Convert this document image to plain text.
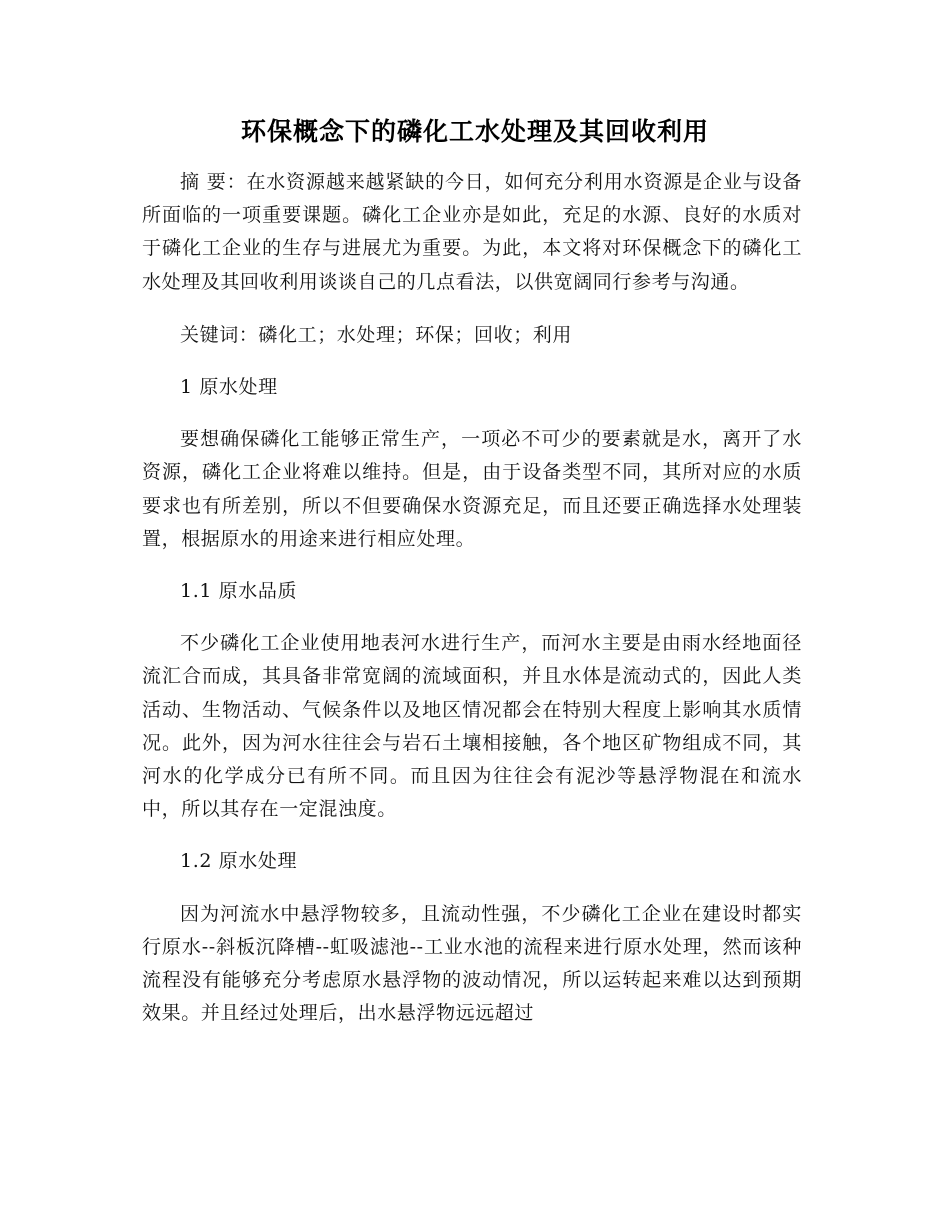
环保概念下的磷化工水处理及其回收利用

摘 要：在水资源越来越紧缺的今日，如何充分利用水资源是企业与设备所面临的一项重要课题。磷化工企业亦是如此，充足的水源、良好的水质对于磷化工企业的生存与进展尤为重要。为此，本文将对环保概念下的磷化工水处理及其回收利用谈谈自己的几点看法，以供宽阔同行参考与沟通。

关键词：磷化工；水处理；环保；回收；利用

1 原水处理

要想确保磷化工能够正常生产，一项必不可少的要素就是水，离开了水资源，磷化工企业将难以维持。但是，由于设备类型不同，其所对应的水质要求也有所差别，所以不但要确保水资源充足，而且还要正确选择水处理装置，根据原水的用途来进行相应处理。

1.1 原水品质

不少磷化工企业使用地表河水进行生产，而河水主要是由雨水经地面径流汇合而成，其具备非常宽阔的流域面积，并且水体是流动式的，因此人类活动、生物活动、气候条件以及地区情况都会在特别大程度上影响其水质情况。此外，因为河水往往会与岩石土壤相接触，各个地区矿物组成不同，其河水的化学成分已有所不同。而且因为往往会有泥沙等悬浮物混在和流水中，所以其存在一定混浊度。

1.2 原水处理

因为河流水中悬浮物较多，且流动性强，不少磷化工企业在建设时都实行原水--斜板沉降槽--虹吸滤池--工业水池的流程来进行原水处理，然而该种流程没有能够充分考虑原水悬浮物的波动情况，所以运转起来难以达到预期效果。并且经过处理后，出水悬浮物远远超过
